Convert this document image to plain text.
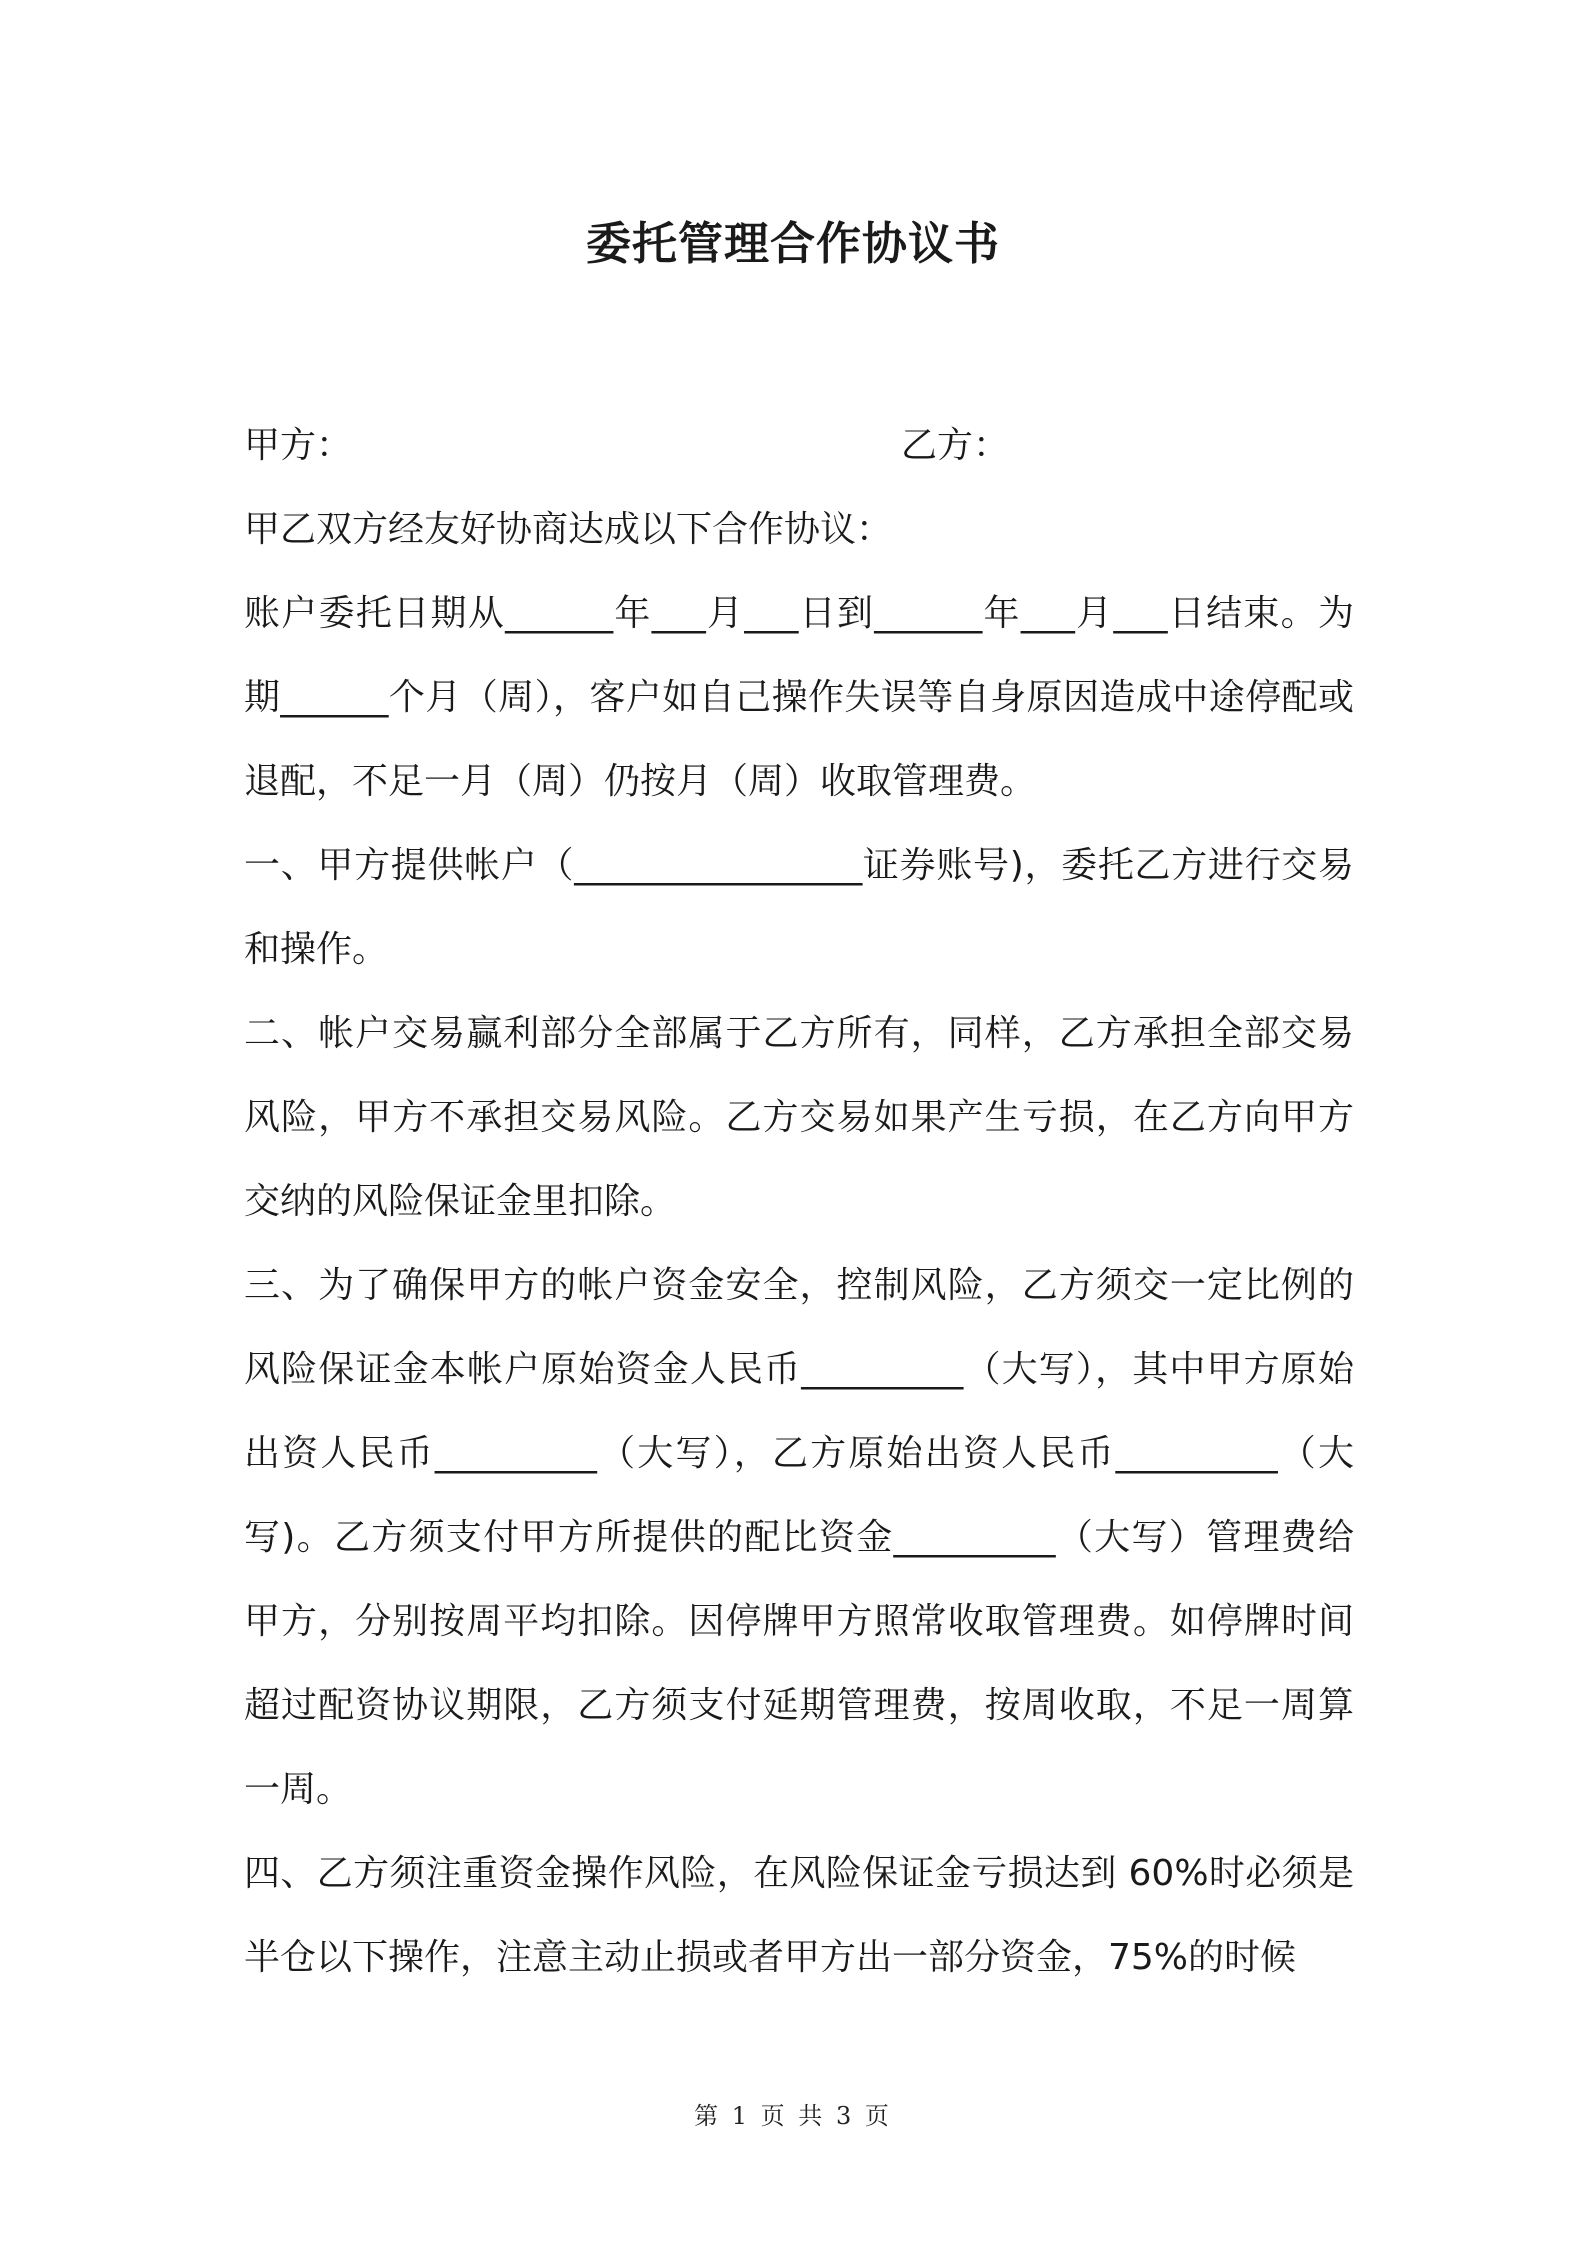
委托管理合作协议书
甲方：	乙方：

甲乙双方经友好协商达成以下合作协议：

账户委托日期从______年___月___日到______年___月___日结束。为期______个月（周），客户如自己操作失误等自身原因造成中途停配或退配，不足一月（周）仍按月（周）收取管理费。

一、甲方提供帐户（________________证券账号)，委托乙方进行交易和操作。

二、帐户交易赢利部分全部属于乙方所有，同样，乙方承担全部交易风险，甲方不承担交易风险。乙方交易如果产生亏损，在乙方向甲方交纳的风险保证金里扣除。

三、为了确保甲方的帐户资金安全，控制风险，乙方须交一定比例的风险保证金本帐户原始资金人民币_________（大写），其中甲方原始出资人民币_________（大写），乙方原始出资人民币_________（大写)。乙方须支付甲方所提供的配比资金_________（大写）管理费给甲方，分别按周平均扣除。因停牌甲方照常收取管理费。如停牌时间超过配资协议期限，乙方须支付延期管理费，按周收取，不足一周算一周。

四、乙方须注重资金操作风险，在风险保证金亏损达到 60%时必须是半仓以下操作，注意主动止损或者甲方出一部分资金，75%的时候

第 1 页 共 3 页
